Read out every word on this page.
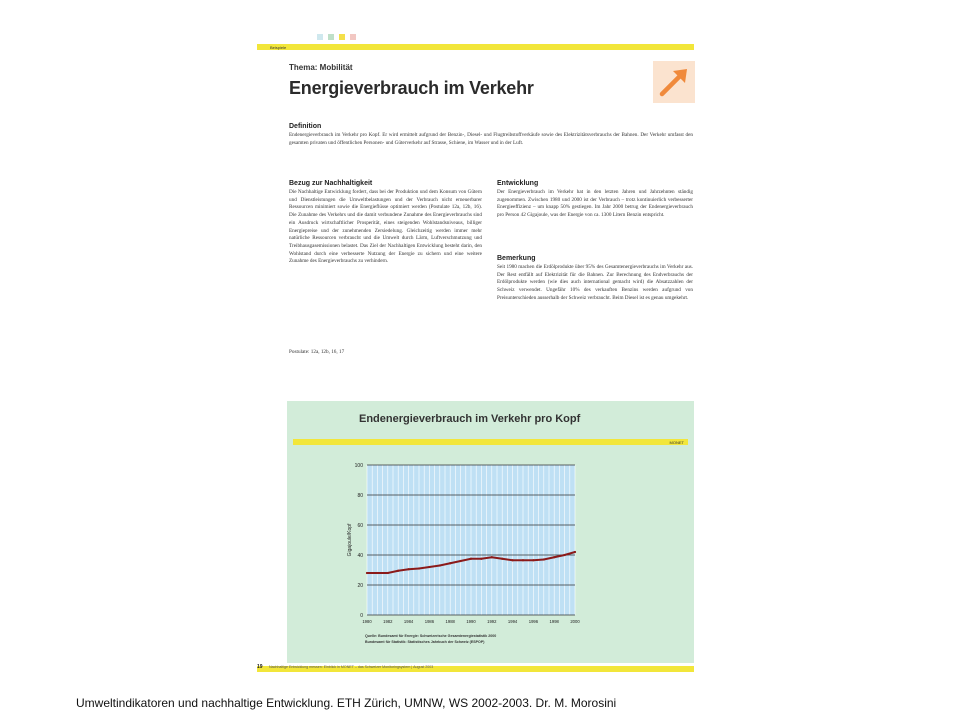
Beispiele
Thema: Mobilität
Energieverbrauch im Verkehr
Definition
Endenergieverbrauch im Verkehr pro Kopf. Er wird ermittelt aufgrund der Benzin-, Diesel- und Flugtreibstoffverkäufe sowie des Elektrizitätsverbrauchs der Bahnen. Der Verkehr umfasst den gesamten privaten und öffentlichen Personen- und Güterverkehr auf Strasse, Schiene, im Wasser und in der Luft.
Bezug zur Nachhaltigkeit
Die Nachhaltige Entwicklung fordert, dass bei der Produktion und dem Konsum von Gütern und Dienstleistungen die Umweltbelastungen und der Verbrauch nicht erneuerbarer Ressourcen minimiert sowie die Energieflüsse optimiert werden (Postulate 12a, 12b, 16). Die Zunahme des Verkehrs und die damit verbundene Zunahme des Energieverbrauchs sind ein Ausdruck wirtschaftlicher Prosperität, eines steigenden Wohlstandsniveaus, billiger Energiepreise und der zunehmenden Zersiedelung. Gleichzeitig werden immer mehr natürliche Ressourcen verbraucht und die Umwelt durch Lärm, Luftverschmutzung und Treibhausgasemissionen belastet. Das Ziel der Nachhaltigen Entwicklung besteht darin, den Wohlstand durch eine verbesserte Nutzung der Energie zu sichern und eine weitere Zunahme des Energieverbrauchs zu verhindern.
Postulate: 12a, 12b, 16, 17
Entwicklung
Der Energieverbrauch im Verkehr hat in den letzten Jahren und Jahrzehnten ständig zugenommen. Zwischen 1980 und 2000 ist der Verbrauch – trotz kontinuierlich verbesserter Energieeffizienz – um knapp 50% gestiegen. Im Jahr 2000 betrug der Endenergieverbrauch pro Person 42 Gigajoule, was der Energie von ca. 1300 Litern Benzin entspricht.
Bemerkung
Seit 1980 machen die Erdölprodukte über 95% des Gesamtenergieverbrauchs im Verkehr aus. Der Rest entfällt auf Elektrizität für die Bahnen. Zur Berechnung des Endverbrauchs der Erdölprodukte werden (wie dies auch international gemacht wird) die Absatzzahlen der Schweiz verwendet. Ungefähr 10% des verkauften Benzins werden aufgrund von Preisunterschieden ausserhalb der Schweiz verbraucht. Beim Diesel ist es genau umgekehrt.
Endenergieverbrauch im Verkehr pro Kopf
MONET
0
20
40
60
80
100
1980	1982	1984	1986	1988	1990	1992	1994	1996	1998	2000
Gigajoule/Kopf
Quelle: Bundesamt für Energie: Schweizerische Gesamtenergiestatistik 2000
Bundesamt für Statistik: Statistisches Jahrbuch der Schweiz (ESPOP)
19 Nachhaltige Entwicklung messen: Einblick in MONET – das Schweizer Monitoringsystem | August 2003
Umweltindikatoren und nachhaltige Entwicklung. ETH Zürich, UMNW, WS 2002-2003. Dr. M. Morosini
